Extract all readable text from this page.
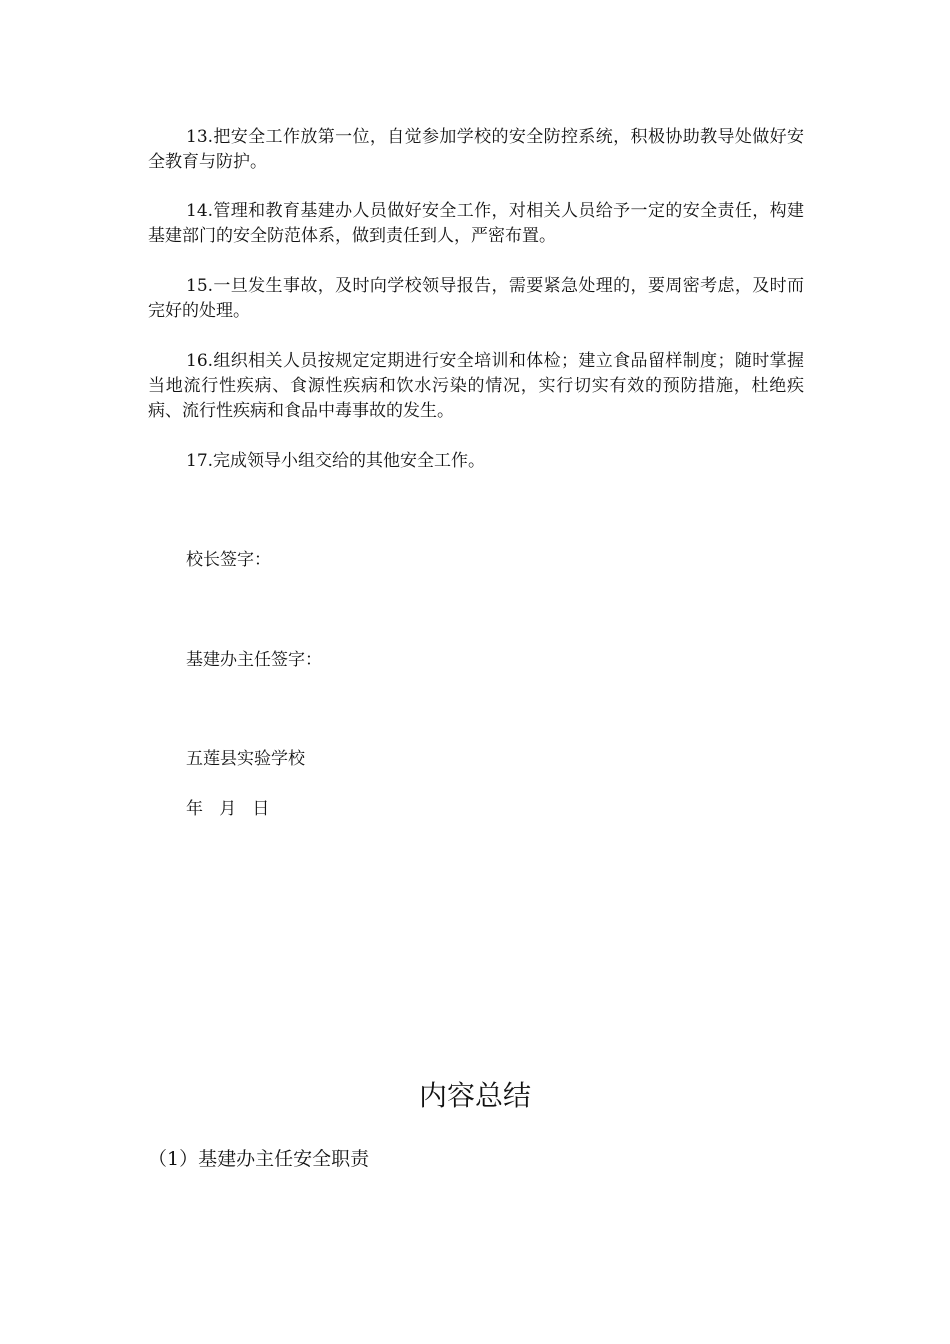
13.把安全工作放第一位，自觉参加学校的安全防控系统，积极协助教导处做好安全教育与防护。

14.管理和教育基建办人员做好安全工作，对相关人员给予一定的安全责任，构建基建部门的安全防范体系，做到责任到人，严密布置。

15.一旦发生事故，及时向学校领导报告，需要紧急处理的，要周密考虑，及时而完好的处理。

16.组织相关人员按规定定期进行安全培训和体检；建立食品留样制度；随时掌握当地流行性疾病、食源性疾病和饮水污染的情况，实行切实有效的预防措施，杜绝疾病、流行性疾病和食品中毒事故的发生。

17.完成领导小组交给的其他安全工作。

校长签字：

基建办主任签字：

五莲县实验学校

年   月   日

内容总结

（1）基建办主任安全职责
